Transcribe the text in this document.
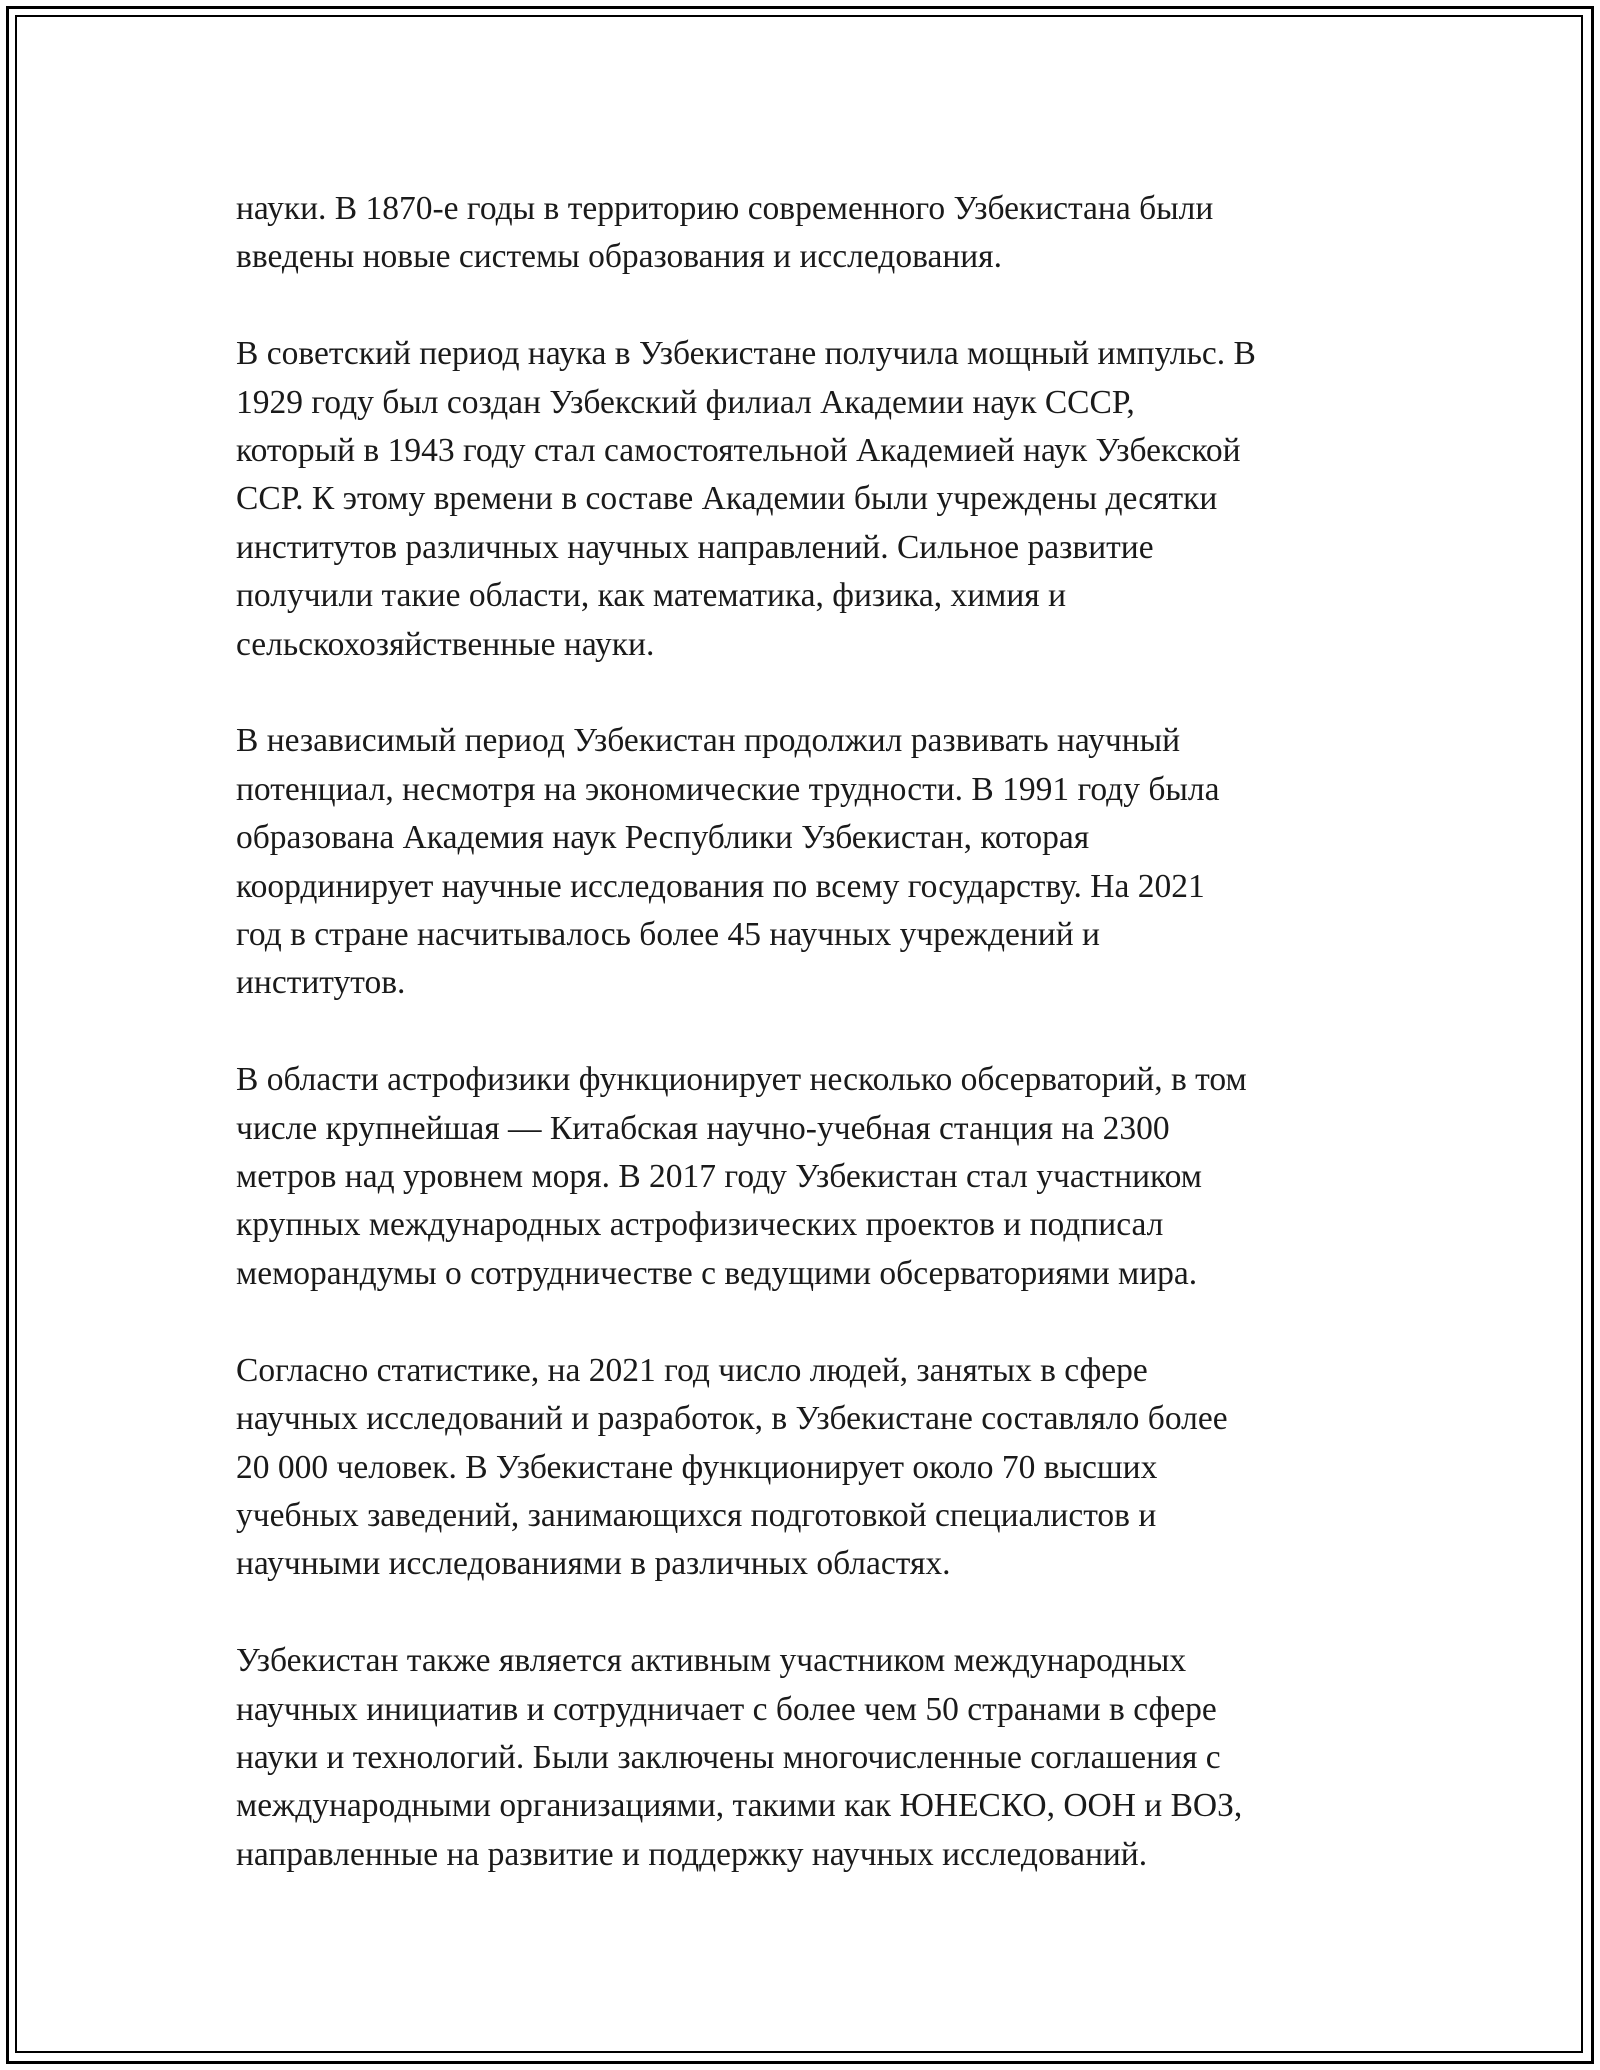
науки. В 1870-е годы в территорию современного Узбекистана были
введены новые системы образования и исследования.

В советский период наука в Узбекистане получила мощный импульс. В
1929 году был создан Узбекский филиал Академии наук СССР,
который в 1943 году стал самостоятельной Академией наук Узбекской
ССР. К этому времени в составе Академии были учреждены десятки
институтов различных научных направлений. Сильное развитие
получили такие области, как математика, физика, химия и
сельскохозяйственные науки.

В независимый период Узбекистан продолжил развивать научный
потенциал, несмотря на экономические трудности. В 1991 году была
образована Академия наук Республики Узбекистан, которая
координирует научные исследования по всему государству. На 2021
год в стране насчитывалось более 45 научных учреждений и
институтов.

В области астрофизики функционирует несколько обсерваторий, в том
числе крупнейшая — Китабская научно-учебная станция на 2300
метров над уровнем моря. В 2017 году Узбекистан стал участником
крупных международных астрофизических проектов и подписал
меморандумы о сотрудничестве с ведущими обсерваториями мира.

Согласно статистике, на 2021 год число людей, занятых в сфере
научных исследований и разработок, в Узбекистане составляло более
20 000 человек. В Узбекистане функционирует около 70 высших
учебных заведений, занимающихся подготовкой специалистов и
научными исследованиями в различных областях.

Узбекистан также является активным участником международных
научных инициатив и сотрудничает с более чем 50 странами в сфере
науки и технологий. Были заключены многочисленные соглашения с
международными организациями, такими как ЮНЕСКО, ООН и ВОЗ,
направленные на развитие и поддержку научных исследований.
